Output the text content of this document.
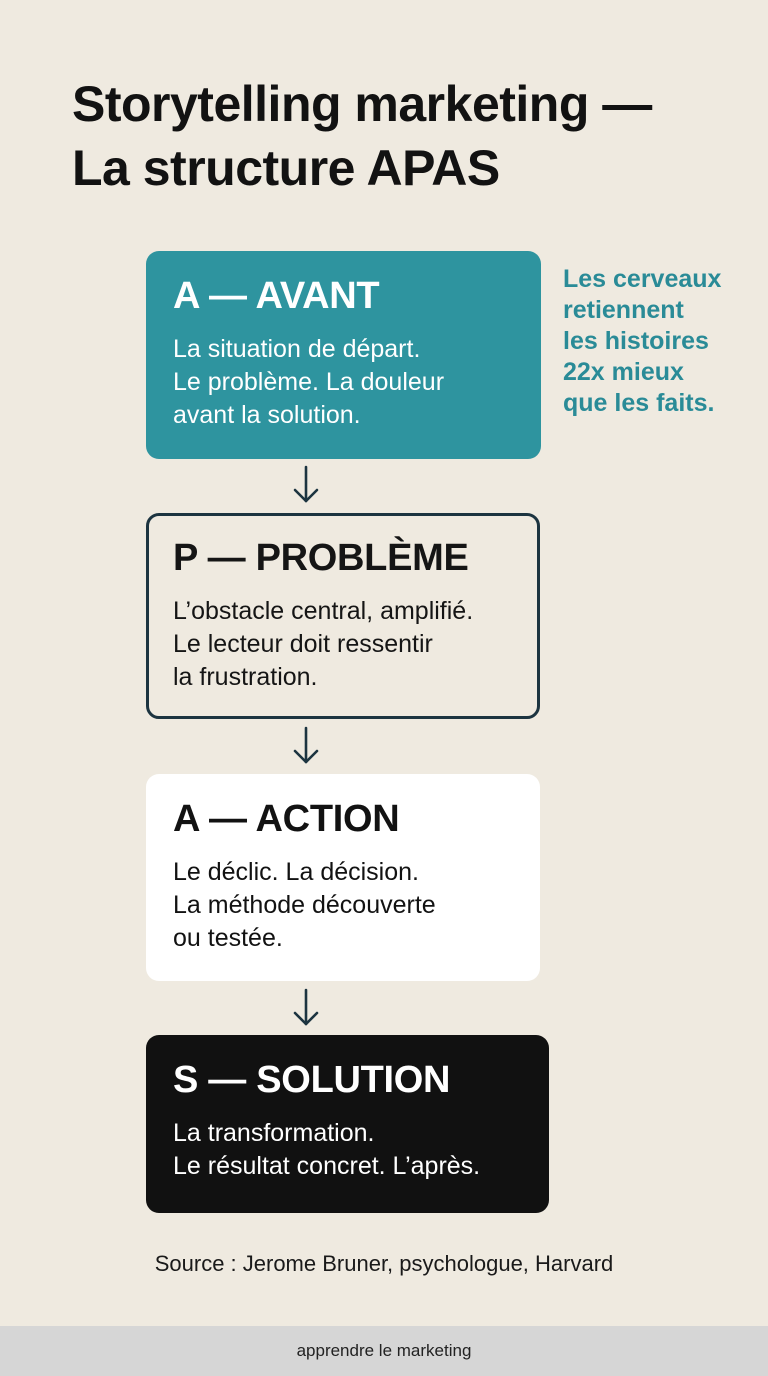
Storytelling marketing —
La structure APAS
A — AVANT
La situation de départ.
Le problème. La douleur
avant la solution.
Les cerveaux
retiennent
les histoires
22x mieux
que les faits.
P — PROBLÈME
L’obstacle central, amplifié.
Le lecteur doit ressentir
la frustration.
A — ACTION
Le déclic. La décision.
La méthode découverte
ou testée.
S — SOLUTION
La transformation.
Le résultat concret. L’après.
Source : Jerome Bruner, psychologue, Harvard
apprendre le marketing
